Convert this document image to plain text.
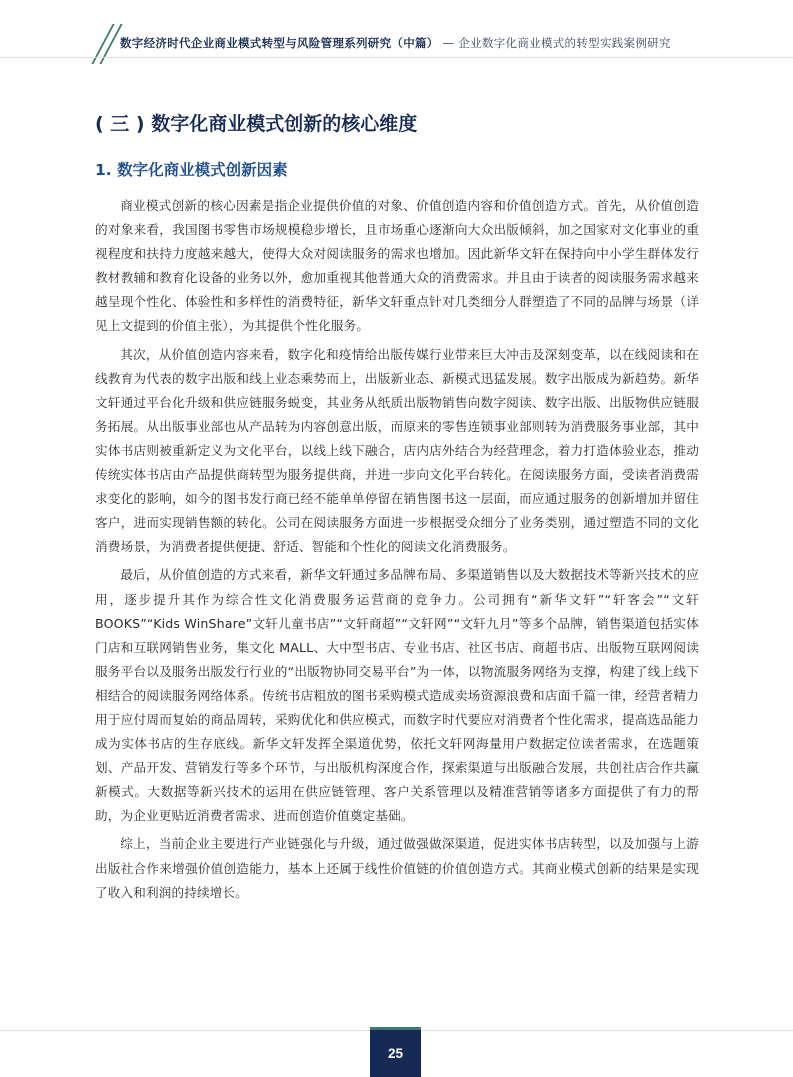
数字经济时代企业商业模式转型与风险管理系列研究（中篇） — 企业数字化商业模式的转型实践案例研究
( 三 ) 数字化商业模式创新的核心维度
1. 数字化商业模式创新因素

商业模式创新的核心因素是指企业提供价值的对象、价值创造内容和价值创造方式。首先，从价值创造的对象来看，我国图书零售市场规模稳步增长，且市场重心逐渐向大众出版倾斜，加之国家对文化事业的重视程度和扶持力度越来越大，使得大众对阅读服务的需求也增加。因此新华文轩在保持向中小学生群体发行教材教辅和教育化设备的业务以外，愈加重视其他普通大众的消费需求。并且由于读者的阅读服务需求越来越呈现个性化、体验性和多样性的消费特征，新华文轩重点针对几类细分人群塑造了不同的品牌与场景（详见上文提到的价值主张），为其提供个性化服务。

其次，从价值创造内容来看，数字化和疫情给出版传媒行业带来巨大冲击及深刻变革，以在线阅读和在线教育为代表的数字出版和线上业态乘势而上，出版新业态、新模式迅猛发展。数字出版成为新趋势。新华文轩通过平台化升级和供应链服务蜕变，其业务从纸质出版物销售向数字阅读、数字出版、出版物供应链服务拓展。从出版事业部也从产品转为内容创意出版，而原来的零售连锁事业部则转为消费服务事业部，其中实体书店则被重新定义为文化平台，以线上线下融合，店内店外结合为经营理念，着力打造体验业态，推动传统实体书店由产品提供商转型为服务提供商，并进一步向文化平台转化。在阅读服务方面，受读者消费需求变化的影响，如今的图书发行商已经不能单单停留在销售图书这一层面，而应通过服务的创新增加并留住客户，进而实现销售额的转化。公司在阅读服务方面进一步根据受众细分了业务类别，通过塑造不同的文化消费场景，为消费者提供便捷、舒适、智能和个性化的阅读文化消费服务。

最后，从价值创造的方式来看，新华文轩通过多品牌布局、多渠道销售以及大数据技术等新兴技术的应用，逐步提升其作为综合性文化消费服务运营商的竞争力。公司拥有“新华文轩”“轩客会”“文轩 BOOKS”“Kids WinShare”文轩儿童书店”“文轩商超”“文轩网”“文轩九月”等多个品牌，销售渠道包括实体门店和互联网销售业务，集文化 MALL、大中型书店、专业书店、社区书店、商超书店、出版物互联网阅读服务平台以及服务出版发行行业的“出版物协同交易平台”为一体，以物流服务网络为支撑，构建了线上线下相结合的阅读服务网络体系。传统书店粗放的图书采购模式造成卖场资源浪费和店面千篇一律，经营者精力用于应付周而复始的商品周转，采购优化和供应模式，而数字时代要应对消费者个性化需求，提高选品能力成为实体书店的生存底线。新华文轩发挥全渠道优势，依托文轩网海量用户数据定位读者需求，在选题策划、产品开发、营销发行等多个环节，与出版机构深度合作，探索渠道与出版融合发展，共创社店合作共赢新模式。大数据等新兴技术的运用在供应链管理、客户关系管理以及精准营销等诸多方面提供了有力的帮助，为企业更贴近消费者需求、进而创造价值奠定基础。

综上，当前企业主要进行产业链强化与升级，通过做强做深渠道，促进实体书店转型，以及加强与上游出版社合作来增强价值创造能力，基本上还属于线性价值链的价值创造方式。其商业模式创新的结果是实现了收入和利润的持续增长。

25
